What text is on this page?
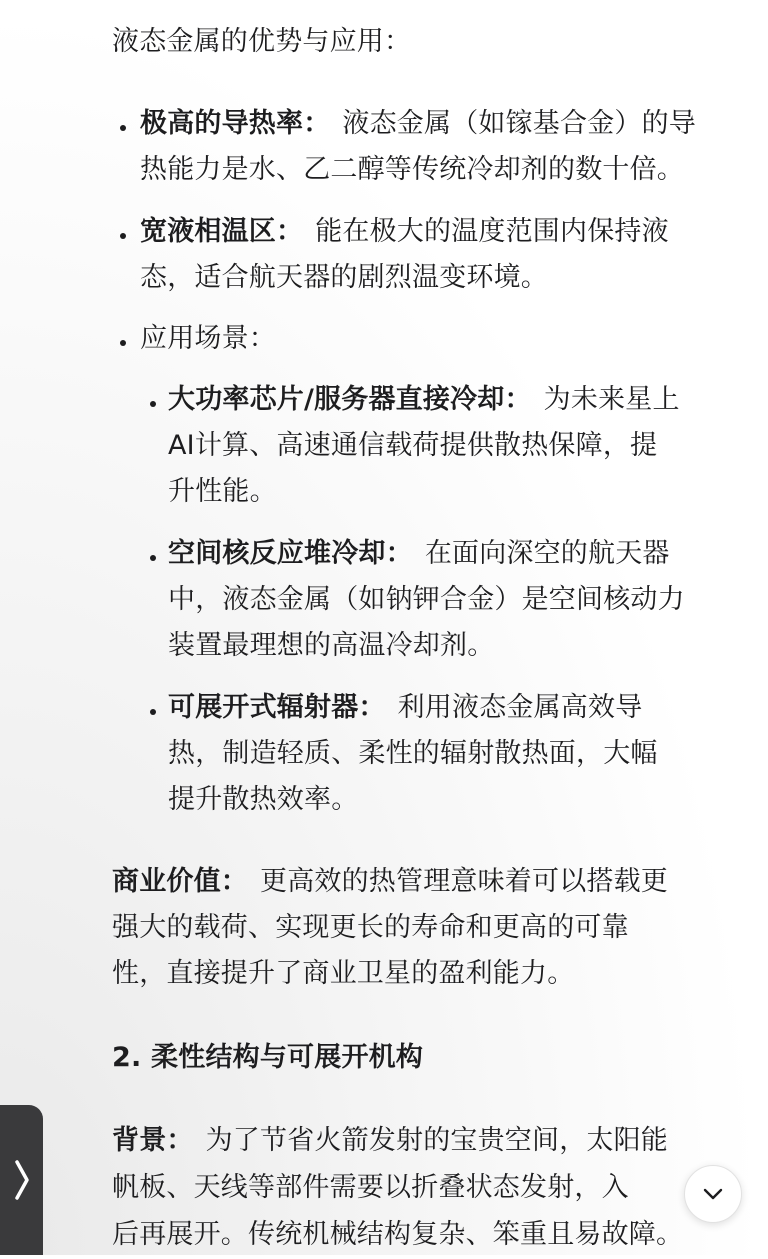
液态金属的优势与应用：
极高的导热率： 液态金属（如镓基合金）的导
热能力是水、乙二醇等传统冷却剂的数十倍。
宽液相温区： 能在极大的温度范围内保持液
态，适合航天器的剧烈温变环境。
应用场景：
大功率芯片/服务器直接冷却： 为未来星上
AI计算、高速通信载荷提供散热保障，提
升性能。
空间核反应堆冷却： 在面向深空的航天器
中，液态金属（如钠钾合金）是空间核动力
装置最理想的高温冷却剂。
可展开式辐射器： 利用液态金属高效导
热，制造轻质、柔性的辐射散热面，大幅
提升散热效率。
商业价值： 更高效的热管理意味着可以搭载更
强大的载荷、实现更长的寿命和更高的可靠
性，直接提升了商业卫星的盈利能力。
2. 柔性结构与可展开机构
背景： 为了节省火箭发射的宝贵空间，太阳能
帆板、天线等部件需要以折叠状态发射，入
后再展开。传统机械结构复杂、笨重且易故障。
